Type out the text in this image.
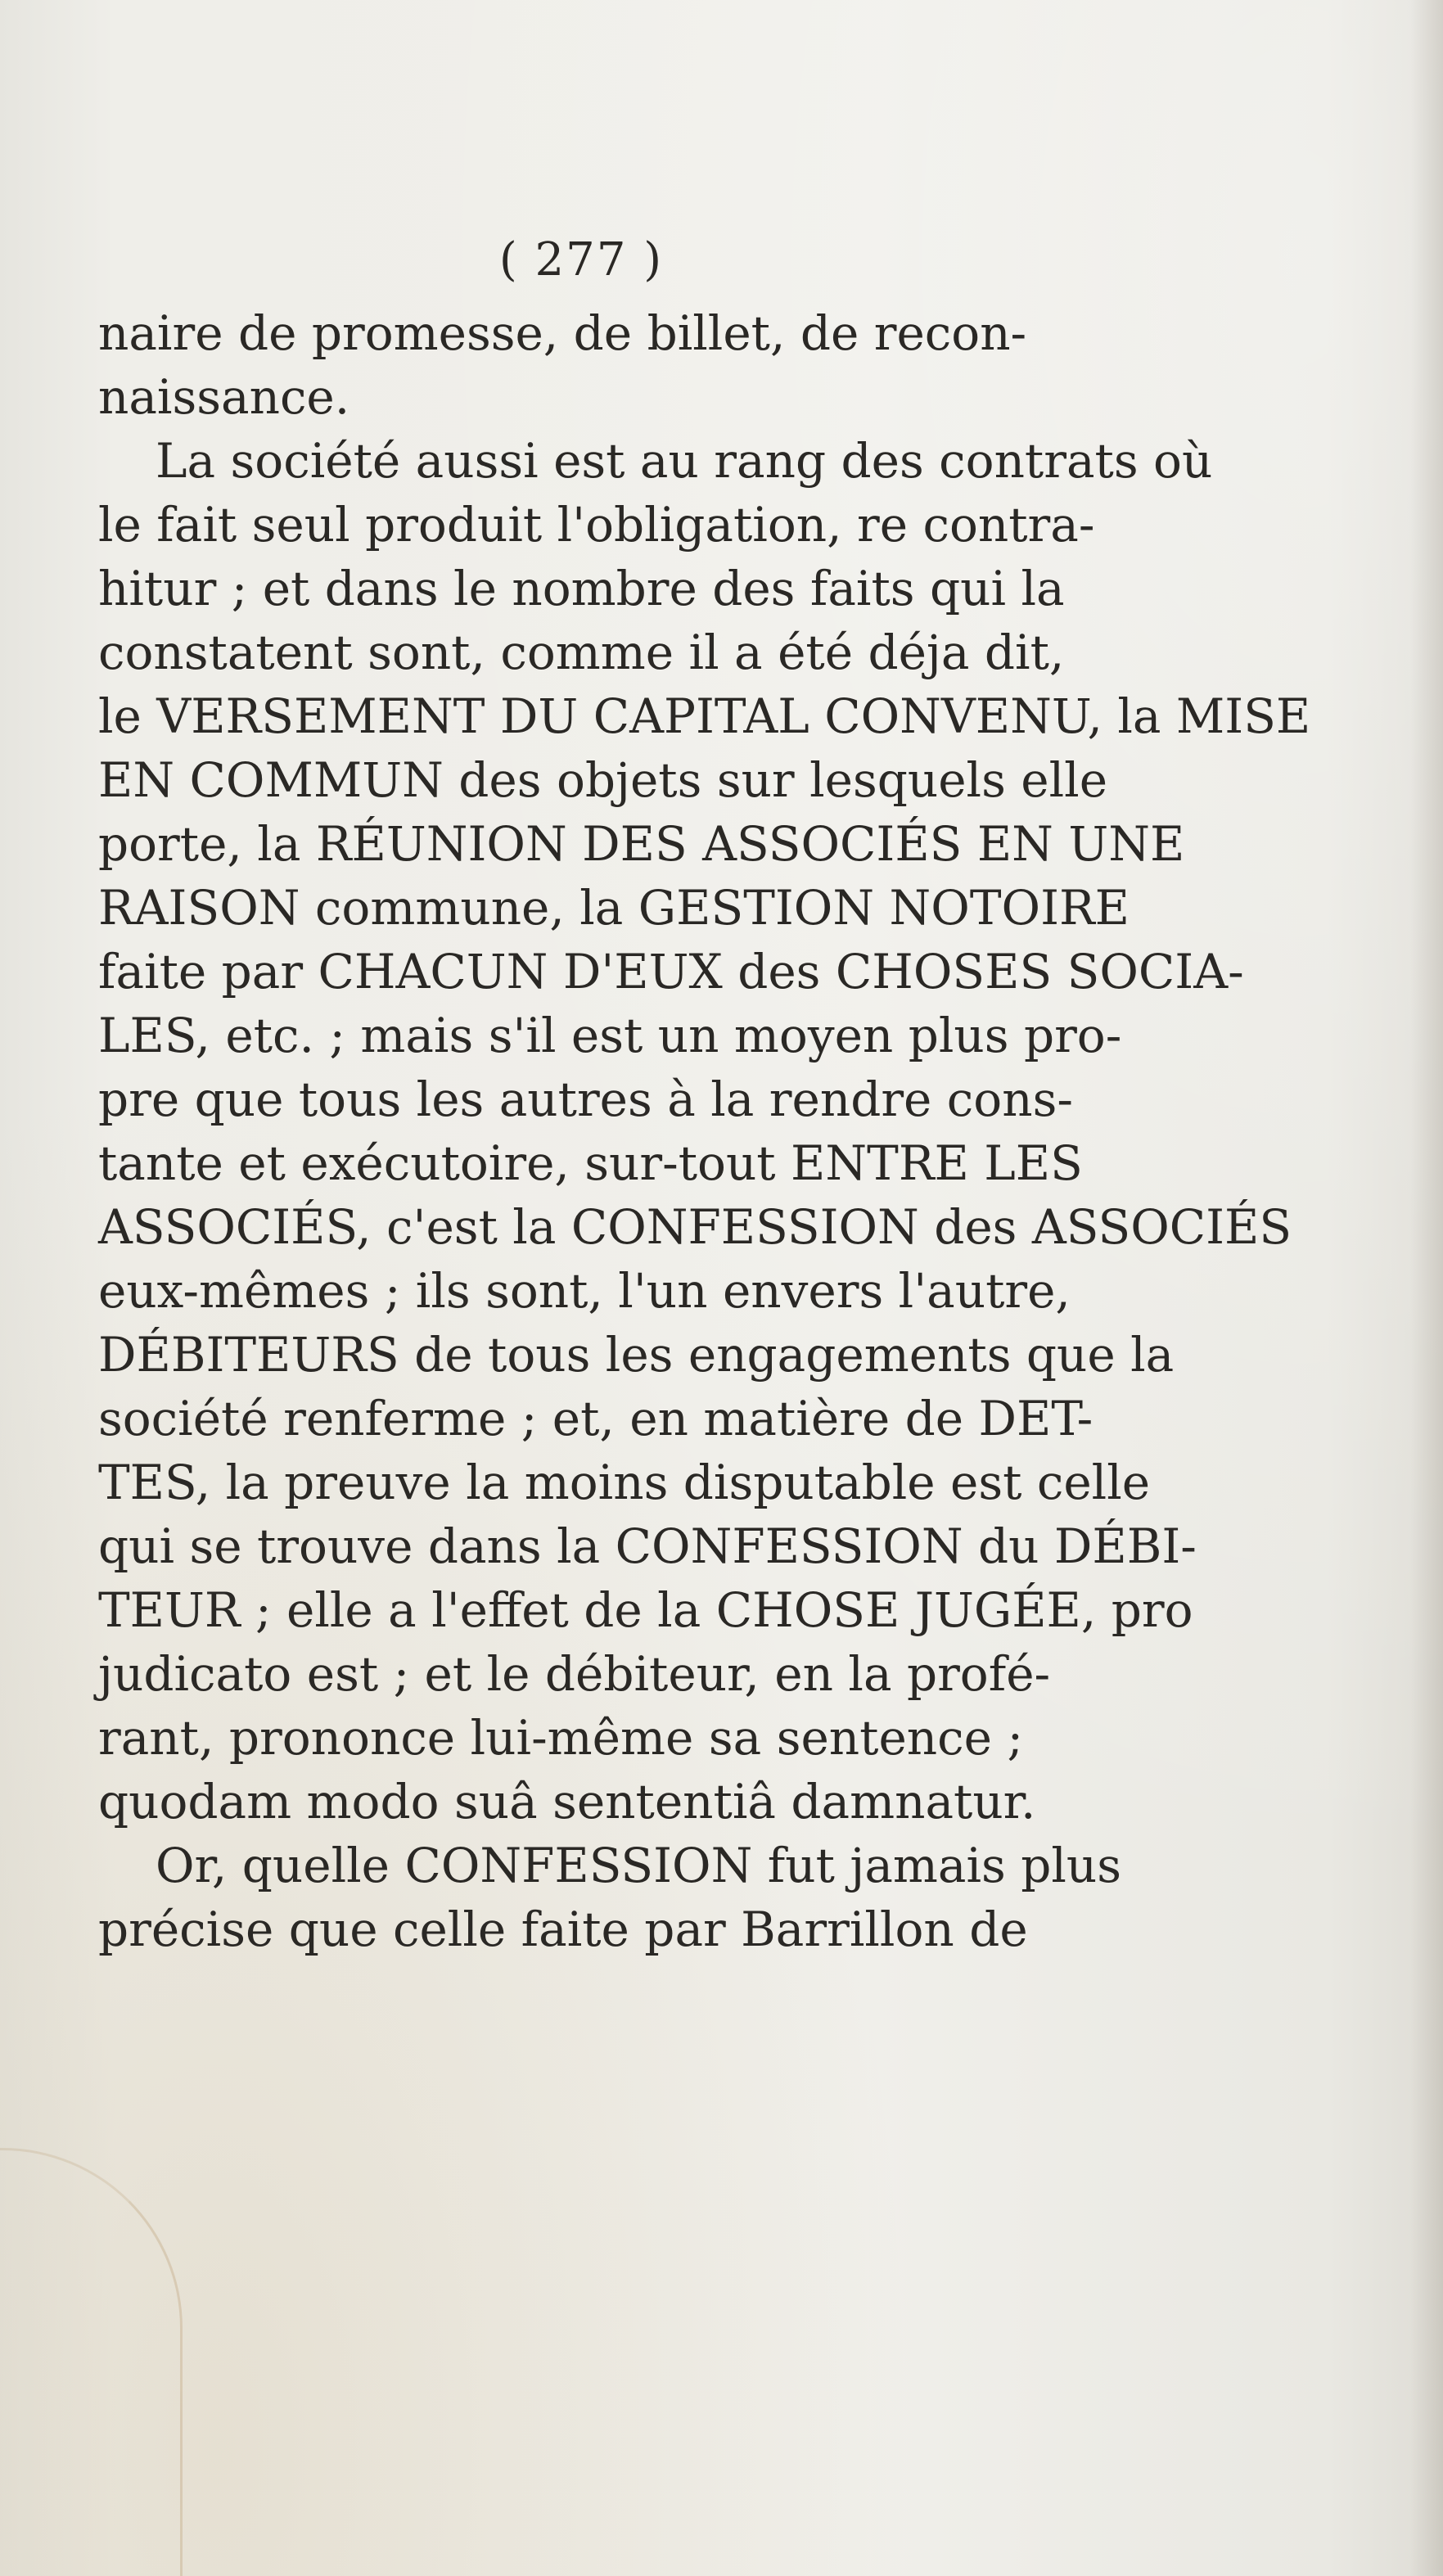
( 277 )
naire de promesse, de billet, de recon-
naissance.
La société aussi est au rang des contrats où
le fait seul produit l'obligation, re contra-
hitur ; et dans le nombre des faits qui la
constatent sont, comme il a été déja dit,
le VERSEMENT DU CAPITAL CONVENU, la MISE
EN COMMUN des objets sur lesquels elle
porte, la RÉUNION DES ASSOCIÉS EN UNE
RAISON commune, la GESTION NOTOIRE
faite par CHACUN D'EUX des CHOSES SOCIA-
LES, etc. ; mais s'il est un moyen plus pro-
pre que tous les autres à la rendre cons-
tante et exécutoire, sur-tout ENTRE LES
ASSOCIÉS, c'est la CONFESSION des ASSOCIÉS
eux-mêmes ; ils sont, l'un envers l'autre,
DÉBITEURS de tous les engagements que la
société renferme ; et, en matière de DET-
TES, la preuve la moins disputable est celle
qui se trouve dans la CONFESSION du DÉBI-
TEUR ; elle a l'effet de la CHOSE JUGÉE, pro
judicato est ; et le débiteur, en la profé-
rant, prononce lui-même sa sentence ;
quodam modo suâ sententiâ damnatur.
Or, quelle CONFESSION fut jamais plus
précise que celle faite par Barrillon de
